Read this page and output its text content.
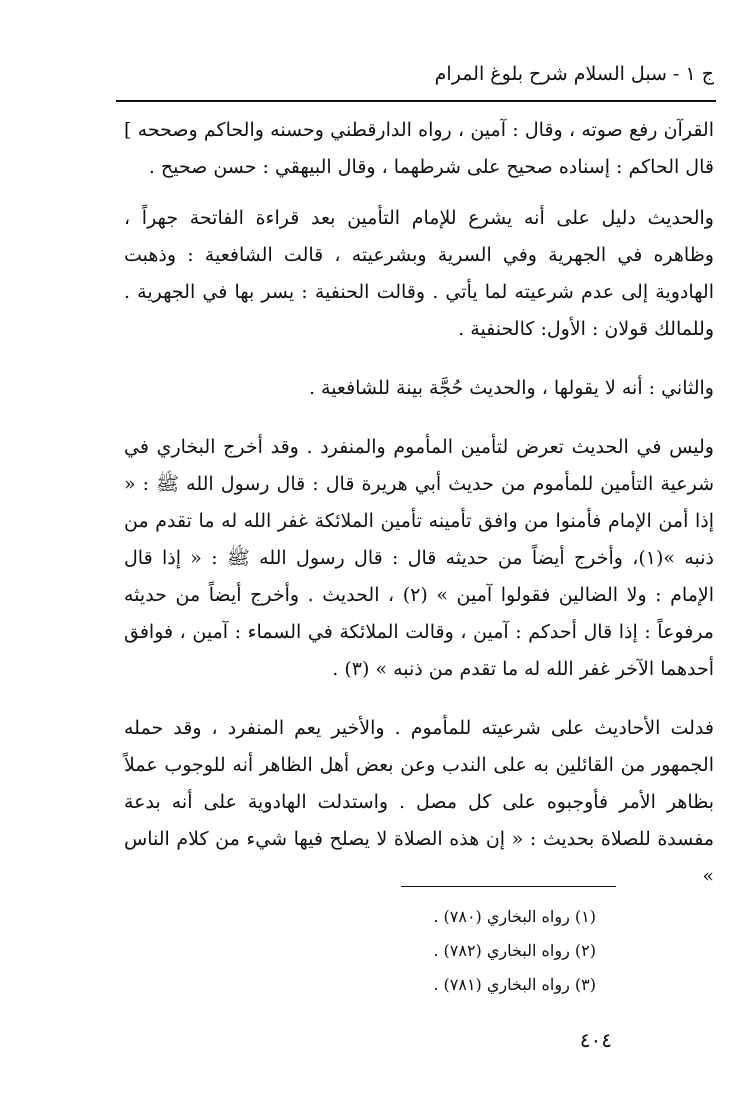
ج ١ - سبل السلام شرح بلوغ المرام

القرآن رفع صوته ، وقال : آمين ، رواه الدارقطني وحسنه والحاكم وصححه ] قال الحاكم : إسناده صحيح على شرطهما ، وقال البيهقي : حسن صحيح .

والحديث دليل على أنه يشرع للإمام التأمين بعد قراءة الفاتحة جهراً ، وظاهره في الجهرية وفي السرية وبشرعيته ، قالت الشافعية : وذهبت الهادوية إلى عدم شرعيته لما يأتي . وقالت الحنفية : يسر بها في الجهرية . وللمالك قولان : الأول: كالحنفية .

والثاني : أنه لا يقولها ، والحديث حُجَّة بينة للشافعية .

وليس في الحديث تعرض لتأمين المأموم والمنفرد . وقد أخرج البخاري في شرعية التأمين للمأموم من حديث أبي هريرة قال : قال رسول الله ﷺ : « إذا أمن الإمام فأمنوا من وافق تأمينه تأمين الملائكة غفر الله له ما تقدم من ذنبه »(١)، وأخرج أيضاً من حديثه قال : قال رسول الله ﷺ : « إذا قال الإمام : ولا الضالين فقولوا آمين » (٢) ، الحديث . وأخرج أيضاً من حديثه مرفوعاً : إذا قال أحدكم : آمين ، وقالت الملائكة في السماء : آمين ، فوافق أحدهما الآخر غفر الله له ما تقدم من ذنبه » (٣) .

فدلت الأحاديث على شرعيته للمأموم . والأخير يعم المنفرد ، وقد حمله الجمهور من القائلين به على الندب وعن بعض أهل الظاهر أنه للوجوب عملاً بظاهر الأمر فأوجبوه على كل مصل . واستدلت الهادوية على أنه بدعة مفسدة للصلاة بحديث : « إن هذه الصلاة لا يصلح فيها شيء من كلام الناس »

(١) رواه البخاري (٧٨٠) .
(٢) رواه البخاري (٧٨٢) .
(٣) رواه البخاري (٧٨١) .
٤٠٤
